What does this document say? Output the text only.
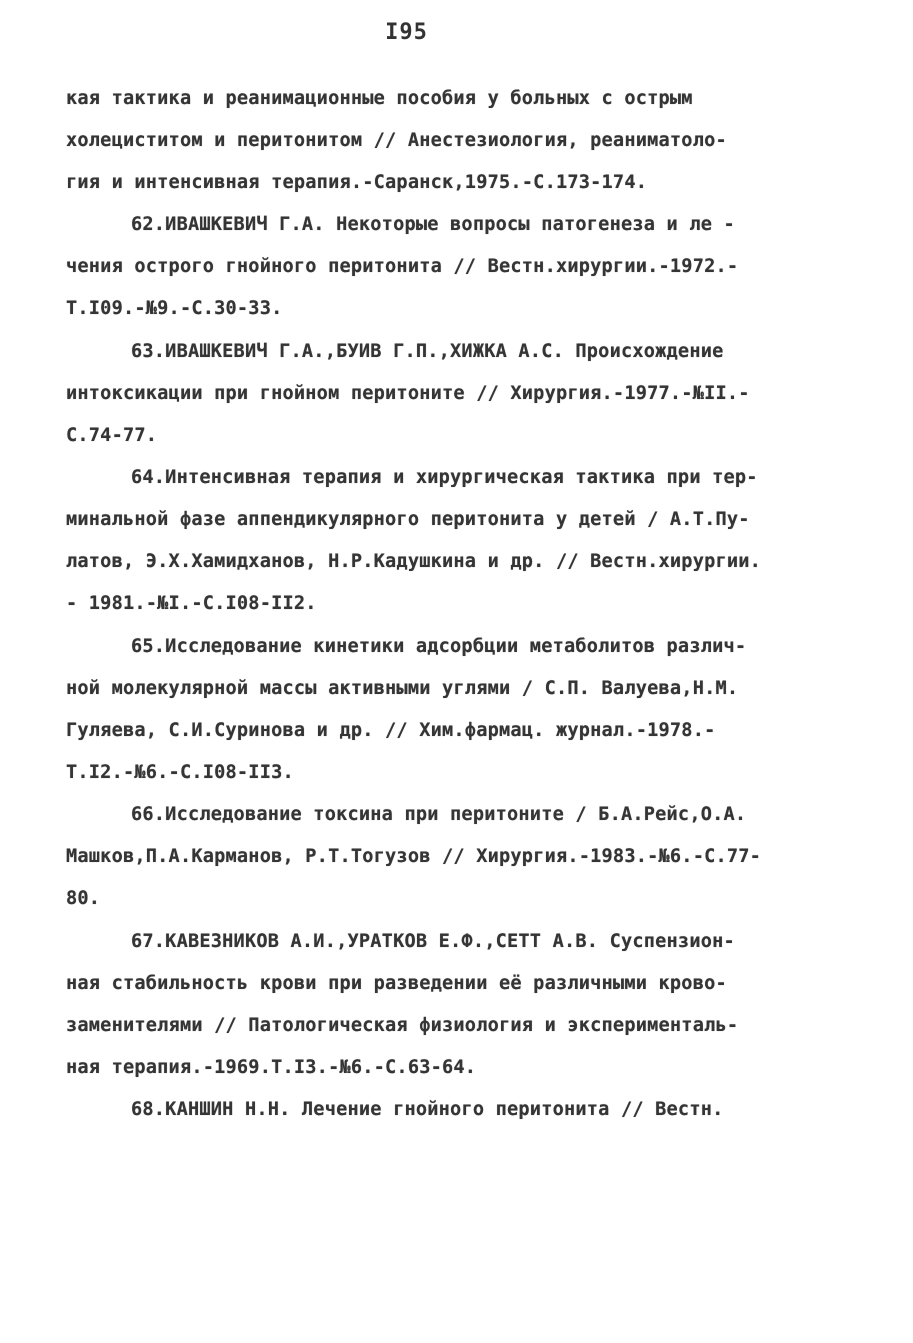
I95
кая тактика и реанимационные пособия у больных с острым
холециститом и перитонитом // Анестезиология, реаниматоло-
гия и интенсивная терапия.-Саранск,1975.-С.173-174.
62.ИВАШКЕВИЧ Г.А. Некоторые вопросы патогенеза и ле -
чения острого гнойного перитонита // Вестн.хирургии.-1972.-
Т.I09.-№9.-С.30-33.
63.ИВАШКЕВИЧ Г.А.,БУИВ Г.П.,ХИЖКА А.С. Происхождение
интоксикации при гнойном перитоните // Хирургия.-1977.-№II.-
С.74-77.
64.Интенсивная терапия и хирургическая тактика при тер-
минальной фазе аппендикулярного перитонита у детей / А.Т.Пу-
латов, Э.Х.Хамидханов, Н.Р.Кадушкина и др. // Вестн.хирургии.
- 1981.-№I.-С.I08-II2.
65.Исследование кинетики адсорбции метаболитов различ-
ной молекулярной массы активными углями / С.П. Валуева,Н.М.
Гуляева, С.И.Суринова и др. // Хим.фармац. журнал.-1978.-
Т.I2.-№6.-С.I08-II3.
66.Исследование токсина при перитоните / Б.А.Рейс,О.А.
Машков,П.А.Карманов, Р.Т.Тогузов // Хирургия.-1983.-№6.-С.77-
80.
67.КАВЕЗНИКОВ А.И.,УРАТКОВ Е.Ф.,СЕТТ А.В. Суспензион-
ная стабильность крови при разведении её различными кровo-
заменителями // Патологическая физиология и эксперименталь-
ная терапия.-1969.Т.I3.-№6.-С.63-64.
68.КАНШИН Н.Н. Лечение гнойного перитонита // Вестн.
